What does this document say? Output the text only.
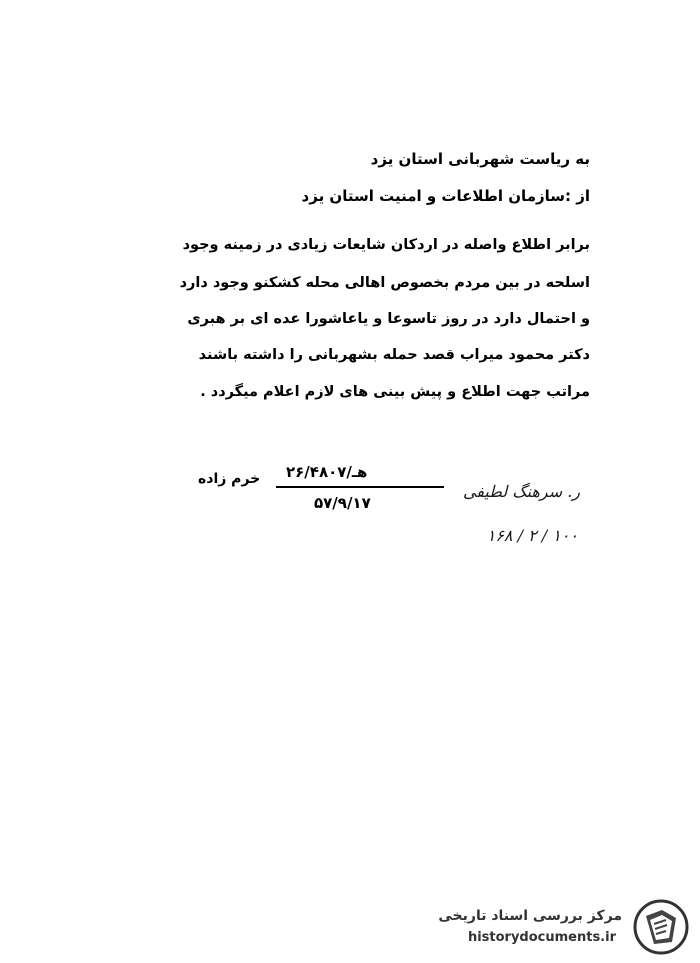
به ریاست شهربانی استان یزد
از :سازمان اطلاعات و امنیت استان یزد
برابر اطلاع واصله در اردکان شایعات زیادی در زمینه وجود
اسلحه در بین مردم بخصوص اهالی محله کشکنو وجود دارد
و احتمال دارد در روز تاسوعا و یاعاشورا عده ای بر هبری
دکتر محمود میراب قصد حمله بشهربانی را داشته باشند
مراتب جهت اطلاع و پیش بینی های لازم اعلام میگردد .
خرم زاده هـ/۲۶/۴۸۰۷
۵۷/۹/۱۷
ر. سرهنگ لطیفی
۱۰۰ / ۲ / ۱۶۸
مرکز بررسی اسناد تاریخی
historydocuments.ir
